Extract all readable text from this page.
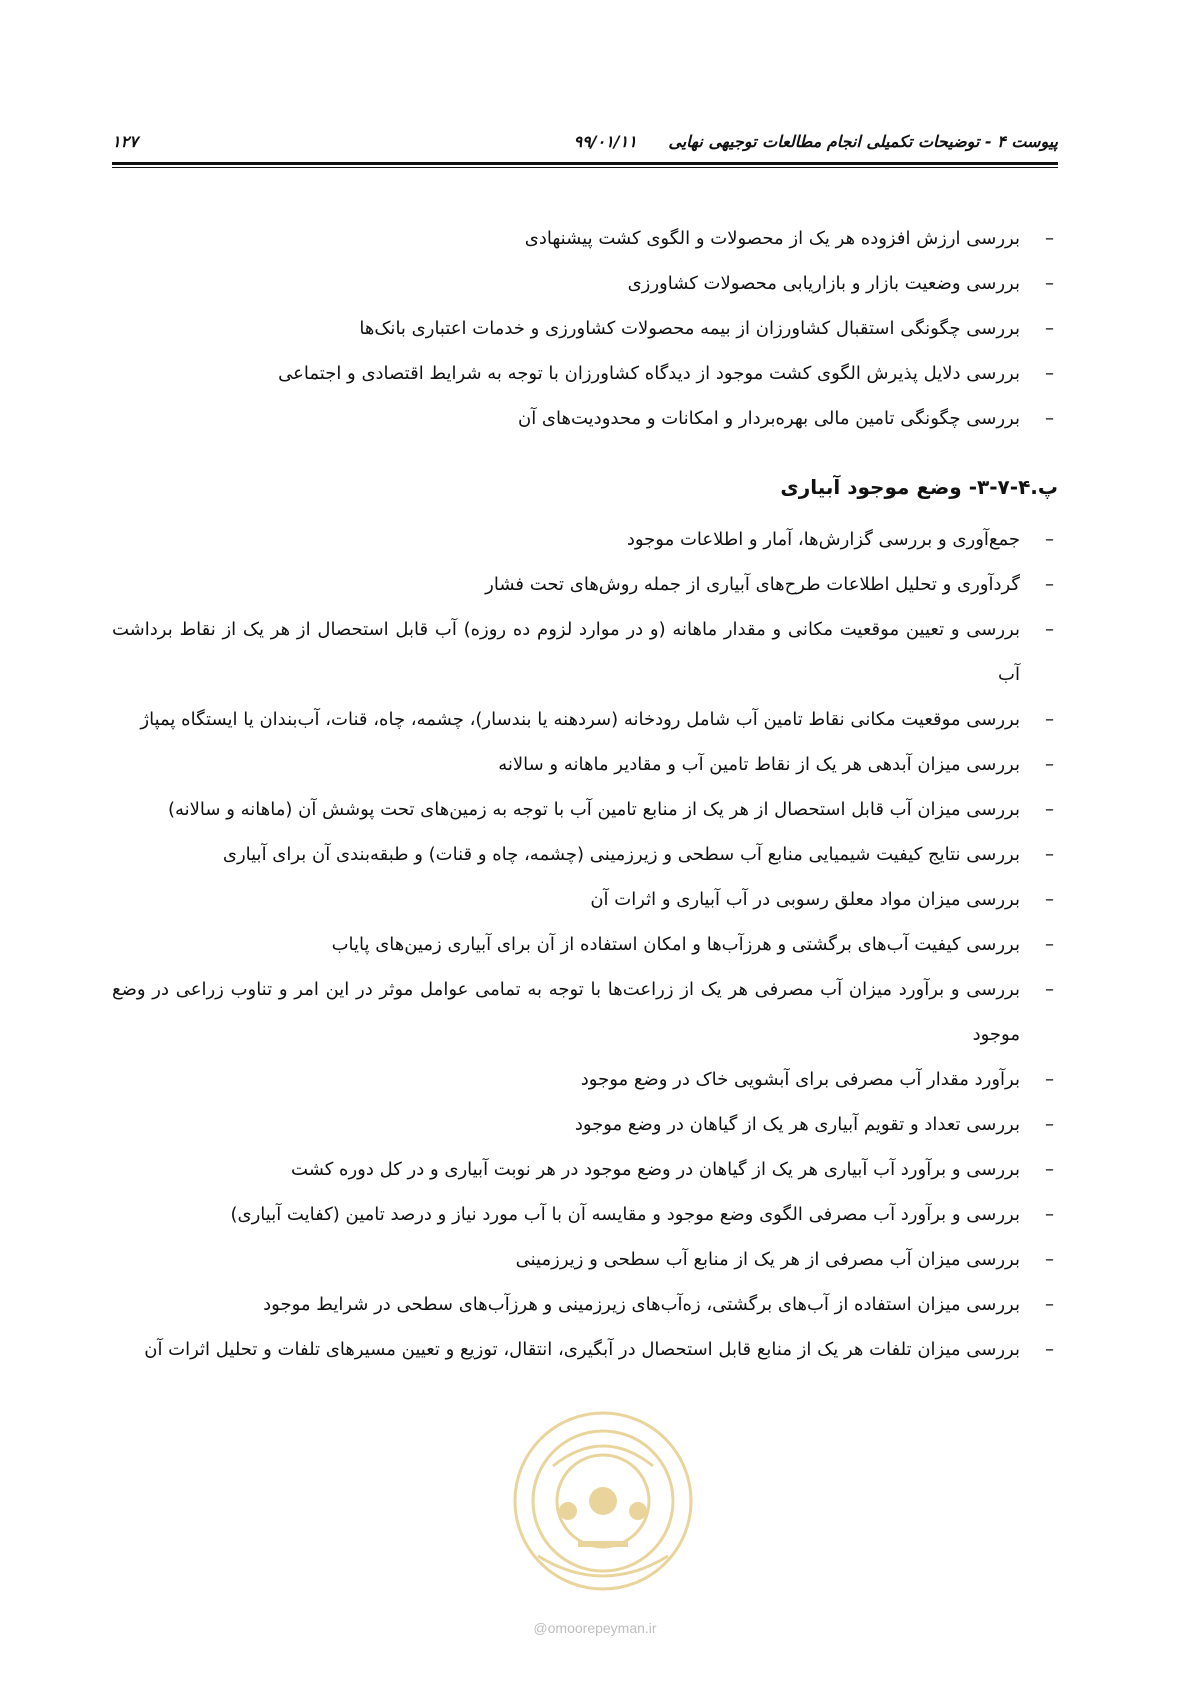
پیوست ۴ - توضیحات تکمیلی انجام مطالعات توجیهی نهایی ۹۹/۰۱/۱۱
۱۲۷
–
بررسی ارزش افزوده هر یک از محصولات و الگوی کشت پیشنهادی
–
بررسی وضعیت بازار و بازاریابی محصولات کشاورزی
–
بررسی چگونگی استقبال کشاورزان از بیمه محصولات کشاورزی و خدمات اعتباری بانک‌ها
–
بررسی دلایل پذیرش الگوی کشت موجود از دیدگاه کشاورزان با توجه به شرایط اقتصادی و اجتماعی
–
بررسی چگونگی تامین مالی بهره‌بردار و امکانات و محدودیت‌های آن
پ.۴-۷-۳- وضع موجود آبیاری
–
جمع‌آوری و بررسی گزارش‌ها، آمار و اطلاعات موجود
–
گردآوری و تحلیل اطلاعات طرح‌های آبیاری از جمله روش‌های تحت فشار
–
بررسی و تعیین موقعیت مکانی و مقدار ماهانه (و در موارد لزوم ده روزه) آب قابل استحصال از هر یک از نقاط برداشت آب
–
بررسی موقعیت مکانی نقاط تامین آب شامل رودخانه (سردهنه یا بندسار)، چشمه، چاه، قنات، آب‌بندان یا ایستگاه پمپاژ
–
بررسی میزان آبدهی هر یک از نقاط تامین آب و مقادیر ماهانه و سالانه
–
بررسی میزان آب قابل استحصال از هر یک از منابع تامین آب با توجه به زمین‌های تحت پوشش آن (ماهانه و سالانه)
–
بررسی نتایج کیفیت شیمیایی منابع آب سطحی و زیرزمینی (چشمه، چاه و قنات) و طبقه‌بندی آن برای آبیاری
–
بررسی میزان مواد معلق رسوبی در آب آبیاری و اثرات آن
–
بررسی کیفیت آب‌های برگشتی و هرزآب‌ها و امکان استفاده از آن برای آبیاری زمین‌های پایاب
–
بررسی و برآورد میزان آب مصرفی هر یک از زراعت‌ها با توجه به تمامی عوامل موثر در این امر و تناوب زراعی در وضع موجود
–
برآورد مقدار آب مصرفی برای آبشویی خاک در وضع موجود
–
بررسی تعداد و تقویم آبیاری هر یک از گیاهان در وضع موجود
–
بررسی و برآورد آب آبیاری هر یک از گیاهان در وضع موجود در هر نوبت آبیاری و در کل دوره کشت
–
بررسی و برآورد آب مصرفی الگوی وضع موجود و مقایسه آن با آب مورد نیاز و درصد تامین (کفایت آبیاری)
–
بررسی میزان آب مصرفی از هر یک از منابع آب سطحی و زیرزمینی
–
بررسی میزان استفاده از آب‌های برگشتی، زه‌آب‌های زیرزمینی و هرزآب‌های سطحی در شرایط موجود
–
بررسی میزان تلفات هر یک از منابع قابل استحصال در آبگیری، انتقال، توزیع و تعیین مسیرهای تلفات و تحلیل اثرات آن
@omoorepeyman.ir
